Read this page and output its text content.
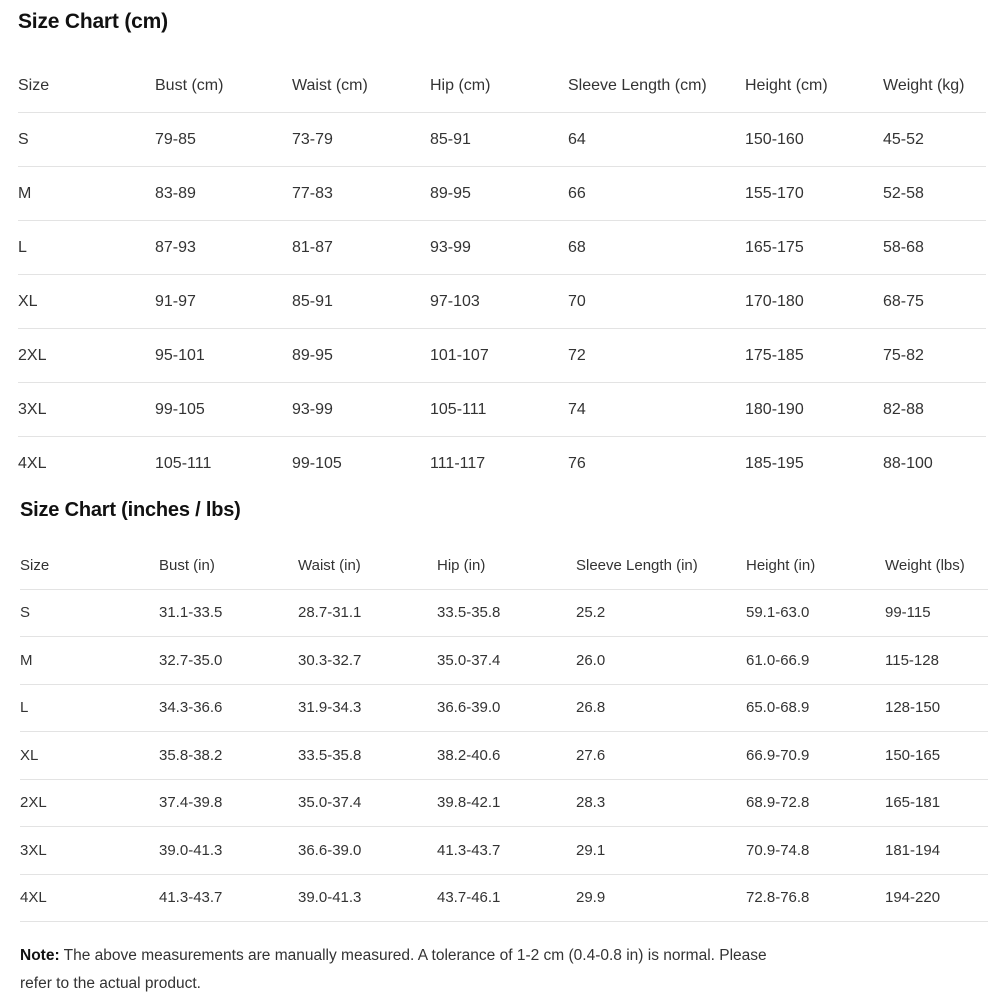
Size Chart (cm)
Size	Bust (cm)	Waist (cm)	Hip (cm)	Sleeve Length (cm)	Height (cm)	Weight (kg)
S	79-85	73-79	85-91	64	150-160	45-52
M	83-89	77-83	89-95	66	155-170	52-58
L	87-93	81-87	93-99	68	165-175	58-68
XL	91-97	85-91	97-103	70	170-180	68-75
2XL	95-101	89-95	101-107	72	175-185	75-82
3XL	99-105	93-99	105-111	74	180-190	82-88
4XL	105-111	99-105	111-117	76	185-195	88-100
Size Chart (inches / lbs)
Size	Bust (in)	Waist (in)	Hip (in)	Sleeve Length (in)	Height (in)	Weight (lbs)
S	31.1-33.5	28.7-31.1	33.5-35.8	25.2	59.1-63.0	99-115
M	32.7-35.0	30.3-32.7	35.0-37.4	26.0	61.0-66.9	115-128
L	34.3-36.6	31.9-34.3	36.6-39.0	26.8	65.0-68.9	128-150
XL	35.8-38.2	33.5-35.8	38.2-40.6	27.6	66.9-70.9	150-165
2XL	37.4-39.8	35.0-37.4	39.8-42.1	28.3	68.9-72.8	165-181
3XL	39.0-41.3	36.6-39.0	41.3-43.7	29.1	70.9-74.8	181-194
4XL	41.3-43.7	39.0-41.3	43.7-46.1	29.9	72.8-76.8	194-220
Note: The above measurements are manually measured. A tolerance of 1-2 cm (0.4-0.8 in) is normal. Please refer to the actual product.
